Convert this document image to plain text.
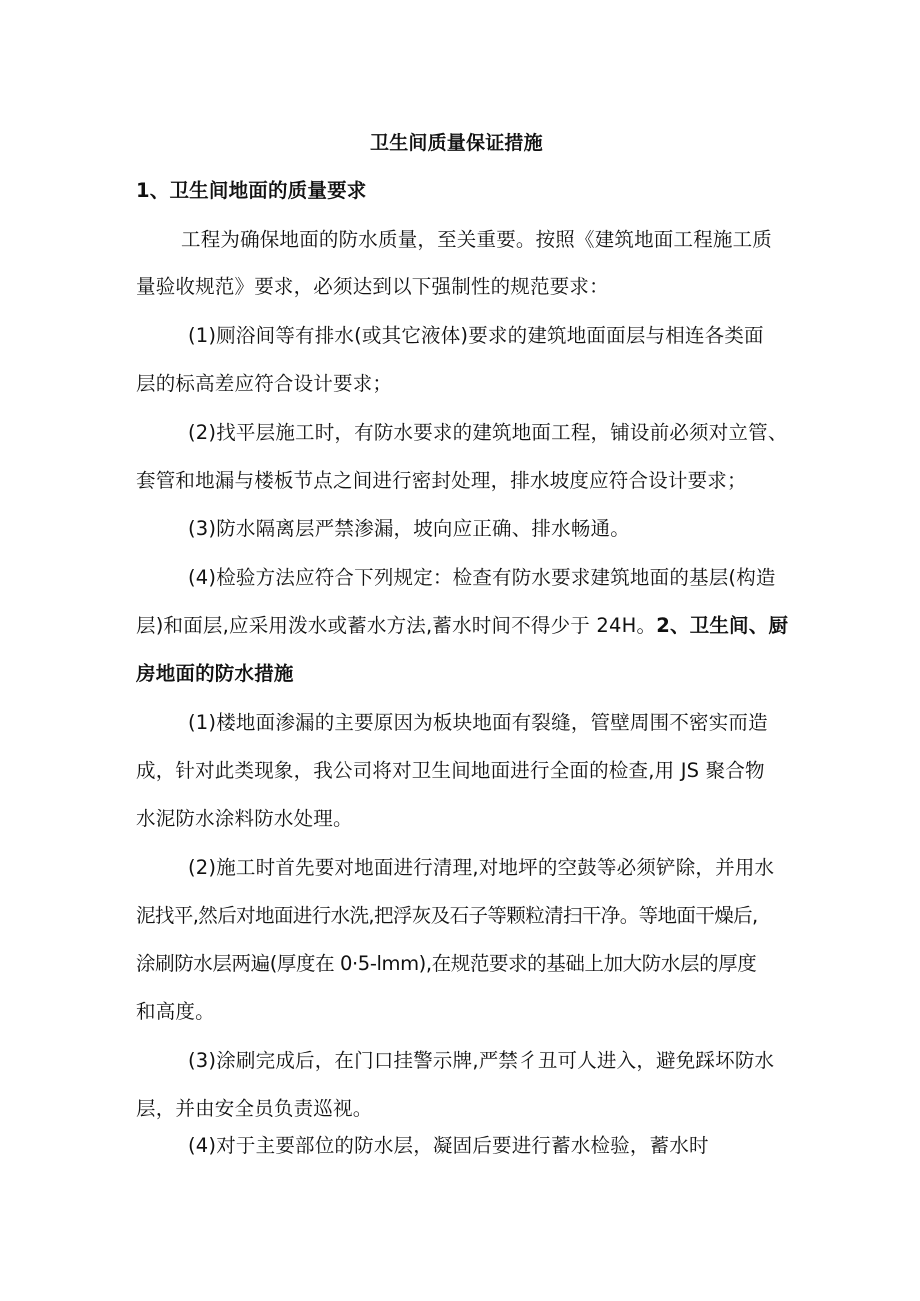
卫生间质量保证措施
1、卫生间地面的质量要求
工程为确保地面的防水质量，至关重要。按照《建筑地面工程施工质
量验收规范》要求，必须达到以下强制性的规范要求：
(1)厕浴间等有排水(或其它液体)要求的建筑地面面层与相连各类面
层的标高差应符合设计要求；
(2)找平层施工时，有防水要求的建筑地面工程，铺设前必须对立管、
套管和地漏与楼板节点之间进行密封处理，排水坡度应符合设计要求；
(3)防水隔离层严禁渗漏，坡向应正确、排水畅通。
(4)检验方法应符合下列规定：检查有防水要求建筑地面的基层(构造
层)和面层,应采用泼水或蓄水方法,蓄水时间不得少于 24H。2、卫生间、厨
房地面的防水措施
(1)楼地面渗漏的主要原因为板块地面有裂缝，管壁周围不密实而造
成，针对此类现象，我公司将对卫生间地面进行全面的检查,用 JS 聚合物
水泥防水涂料防水处理。
(2)施工时首先要对地面进行清理,对地坪的空鼓等必须铲除，并用水
泥找平,然后对地面进行水洗,把浮灰及石子等颗粒清扫干净。等地面干燥后,
涂刷防水层两遍(厚度在 0·5-lmm),在规范要求的基础上加大防水层的厚度
和高度。
(3)涂刷完成后，在门口挂警示牌,严禁彳丑可人进入，避免踩坏防水
层，并由安全员负责巡视。
(4)对于主要部位的防水层，凝固后要进行蓄水检验，蓄水时
